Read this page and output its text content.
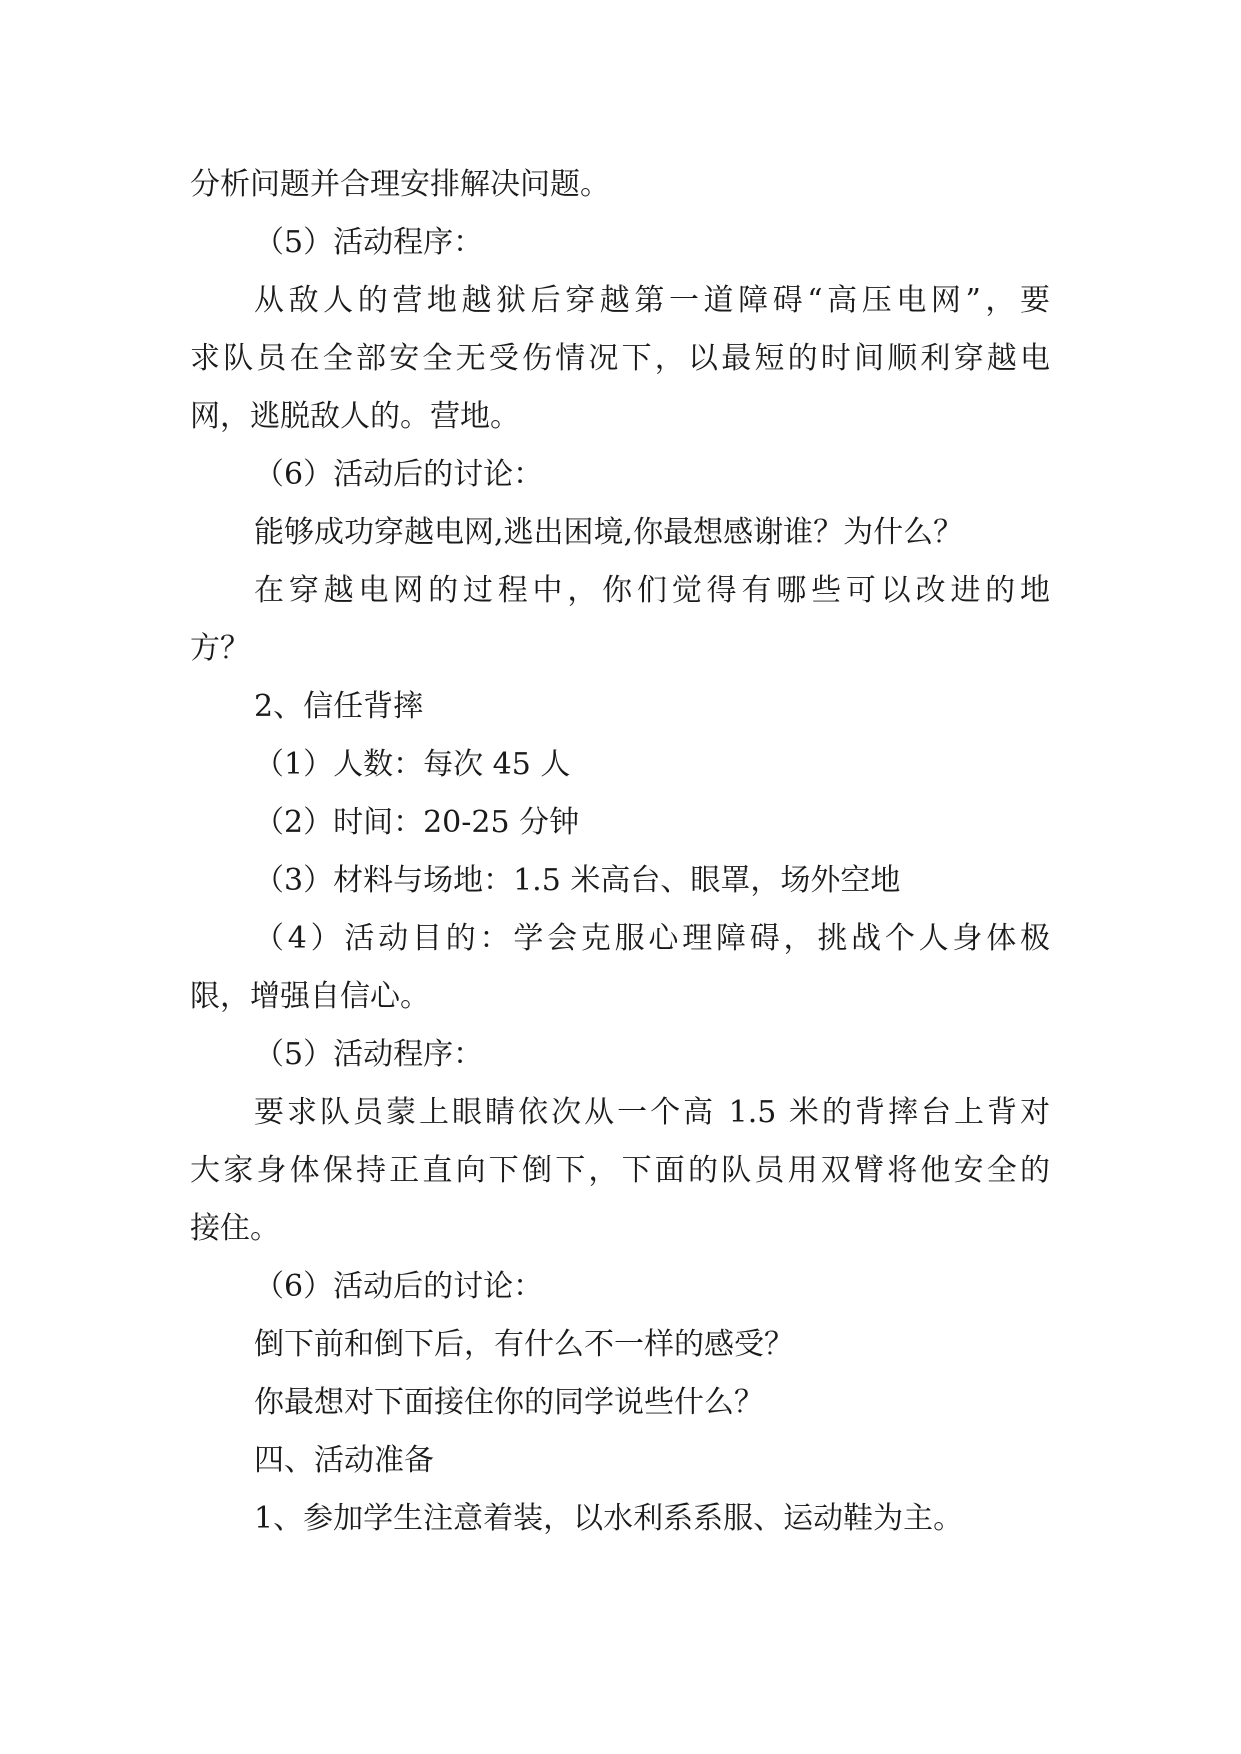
分析问题并合理安排解决问题。
（5）活动程序：
从敌人的营地越狱后穿越第一道障碍“高压电网”，要
求队员在全部安全无受伤情况下，以最短的时间顺利穿越电
网，逃脱敌人的。营地。
（6）活动后的讨论：
能够成功穿越电网,逃出困境,你最想感谢谁？为什么？
在穿越电网的过程中，你们觉得有哪些可以改进的地
方？
2、信任背摔
（1）人数：每次 45 人
（2）时间：20-25 分钟
（3）材料与场地：1.5 米高台、眼罩，场外空地
（4）活动目的：学会克服心理障碍，挑战个人身体极
限，增强自信心。
（5）活动程序：
要求队员蒙上眼睛依次从一个高 1.5 米的背摔台上背对
大家身体保持正直向下倒下，下面的队员用双臂将他安全的
接住。
（6）活动后的讨论：
倒下前和倒下后，有什么不一样的感受？
你最想对下面接住你的同学说些什么？
四、活动准备
1、参加学生注意着装，以水利系系服、运动鞋为主。
